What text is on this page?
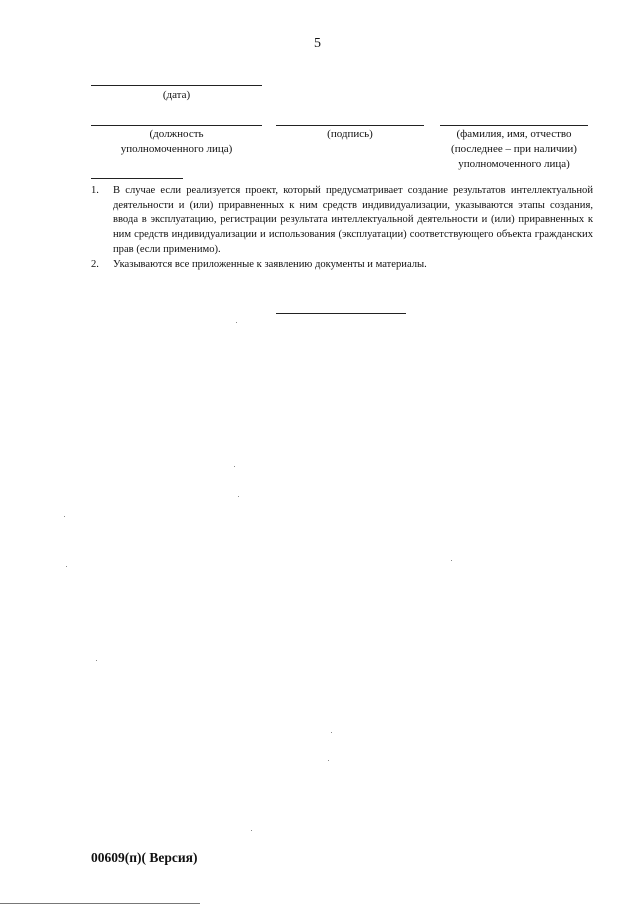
5
(дата)
(должность
уполномоченного лица)
(подпись)	(фамилия, имя, отчество
(последнее – при наличии)
уполномоченного лица)
1.	В случае если реализуется проект, который предусматривает создание результатов интеллектуальной деятельности и (или) приравненных к ним средств индивидуализации, указываются этапы создания, ввода в эксплуатацию, регистрации результата интеллектуальной деятельности и (или) приравненных к ним средств индивидуализации и использования (эксплуатации) соответствующего объекта гражданских прав (если применимо).
2.	Указываются все приложенные к заявлению документы и материалы.
00609(п)( Версия)
